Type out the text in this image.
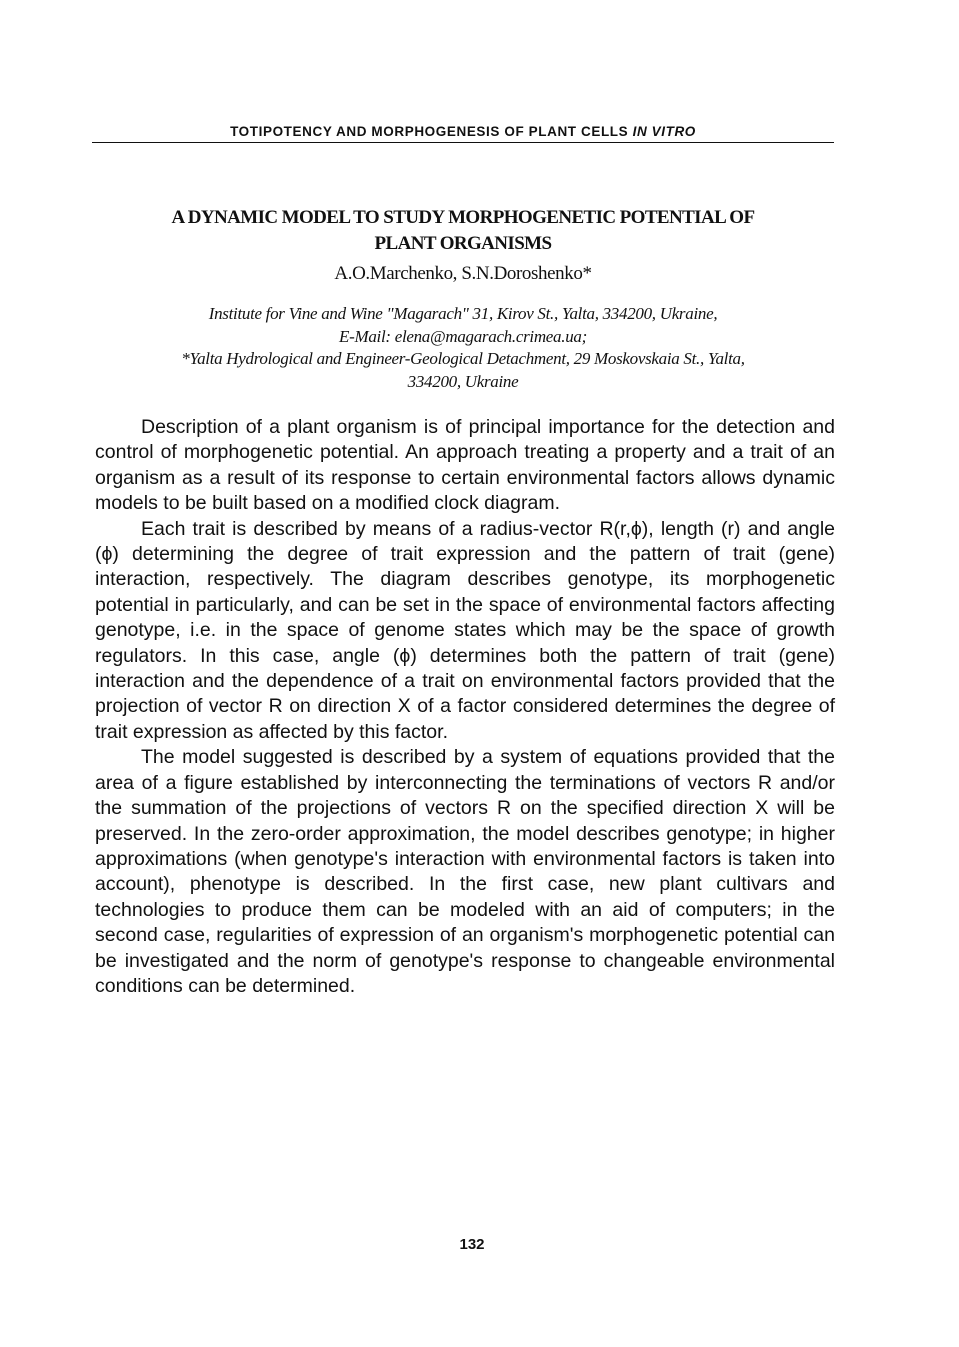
TOTIPOTENCY AND MORPHOGENESIS OF PLANT CELLS IN VITRO
A DYNAMIC MODEL TO STUDY MORPHOGENETIC POTENTIAL OF
PLANT ORGANISMS
A.O.Marchenko, S.N.Doroshenko*
Institute for Vine and Wine "Magarach" 31, Kirov St., Yalta, 334200, Ukraine,
E-Mail: elena@magarach.crimea.ua;
*Yalta Hydrological and Engineer-Geological Detachment, 29 Moskovskaia St., Yalta,
334200, Ukraine

Description of a plant organism is of principal importance for the detection and control of morphogenetic potential. An approach treating a property and a trait of an organism as a result of its response to certain environmental factors allows dynamic models to be built based on a modified clock diagram.

Each trait is described by means of a radius-vector R(r,ϕ), length (r) and angle (ϕ) determining the degree of trait expression and the pattern of trait (gene) interaction, respectively. The diagram describes genotype, its morphogenetic potential in particularly, and can be set in the space of environmental factors affecting genotype, i.e. in the space of genome states which may be the space of growth regulators. In this case, angle (ϕ) determines both the pattern of trait (gene) interaction and the dependence of a trait on environmental factors provided that the projection of vector R on direction X of a factor considered determines the degree of trait expression as affected by this factor.

The model suggested is described by a system of equations provided that the area of a figure established by interconnecting the terminations of vectors R and/or the summation of the projections of vectors R on the specified direction X will be preserved. In the zero-order approximation, the model describes genotype; in higher approximations (when genotype's interaction with environmental factors is taken into account), phenotype is described. In the first case, new plant cultivars and technologies to produce them can be modeled with an aid of computers; in the second case, regularities of expression of an organism's morphogenetic potential can be investigated and the norm of genotype's response to changeable environmental conditions can be determined.

132
